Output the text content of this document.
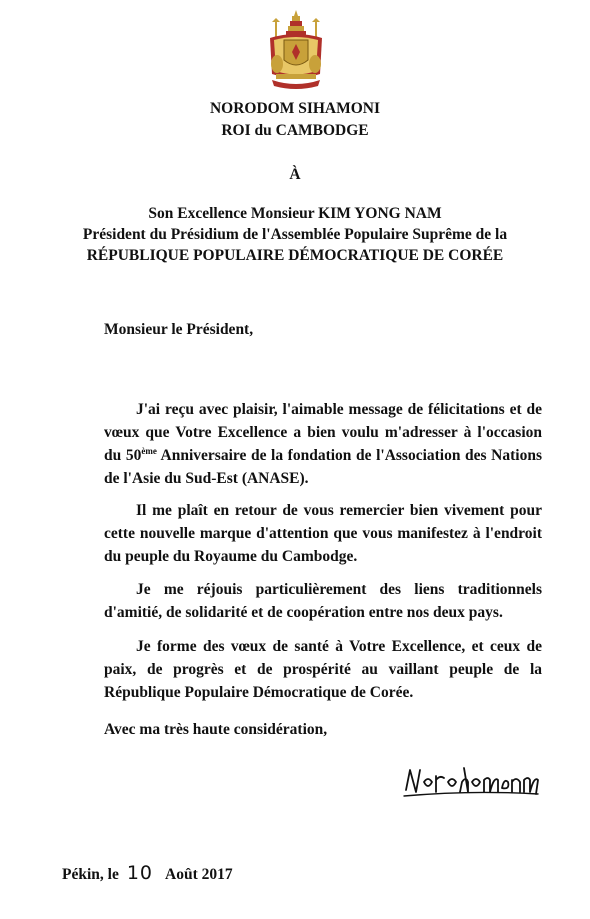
NORODOM SIHAMONI

ROI du CAMBODGE

À

Son Excellence Monsieur KIM YONG NAM

Président du Présidium de l'Assemblée Populaire Suprême de la

RÉPUBLIQUE POPULAIRE DÉMOCRATIQUE DE CORÉE

Monsieur le Président,

J'ai reçu avec plaisir, l'aimable message de félicitations et de vœux que Votre Excellence a bien voulu m'adresser à l'occasion du 50ème Anniversaire de la fondation de l'Association des Nations de l'Asie du Sud-Est (ANASE).

Il me plaît en retour de vous remercier bien vivement pour cette nouvelle marque d'attention que vous manifestez à l'endroit du peuple du Royaume du Cambodge.

Je me réjouis particulièrement des liens traditionnels d'amitié, de solidarité et de coopération entre nos deux pays.

Je forme des vœux de santé à Votre Excellence, et ceux de paix, de progrès et de prospérité au vaillant peuple de la République Populaire Démocratique de Corée.

Avec ma très haute considération,

Pékin, le 10 Août 2017
